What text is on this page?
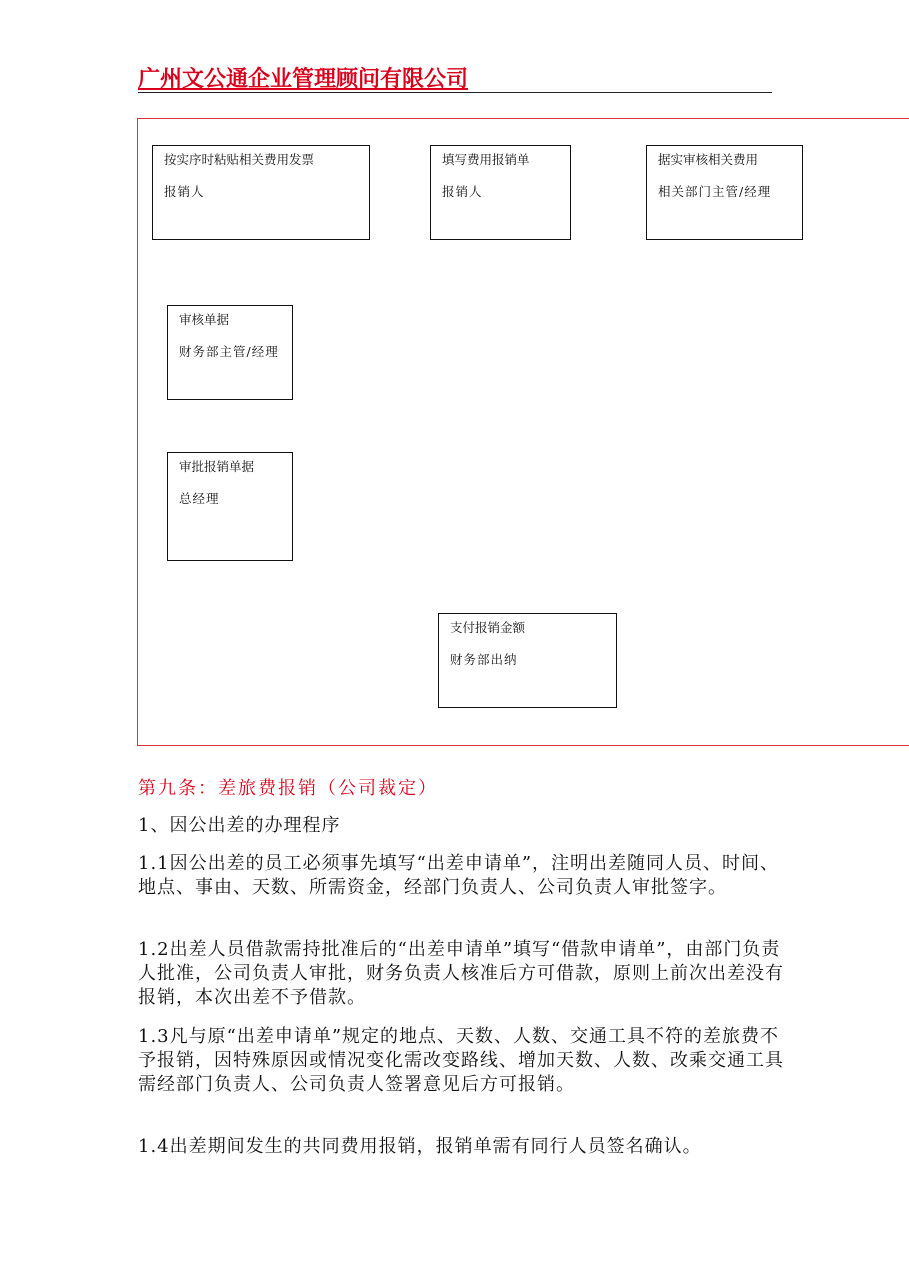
广州文公通企业管理顾问有限公司
按实序时粘贴相关费用发票
报销人
填写费用报销单
报销人
据实审核相关费用
相关部门主管/经理
审核单据
财务部主管/经理
审批报销单据
总经理
支付报销金额
财务部出纳
第九条：差旅费报销（公司裁定）
1、因公出差的办理程序
1.1因公出差的员工必须事先填写“出差申请单”，注明出差随同人员、时间、地点、事由、天数、所需资金，经部门负责人、公司负责人审批签字。
1.2出差人员借款需持批准后的“出差申请单”填写“借款申请单”，由部门负责人批准，公司负责人审批，财务负责人核准后方可借款，原则上前次出差没有报销，本次出差不予借款。
1.3凡与原“出差申请单”规定的地点、天数、人数、交通工具不符的差旅费不予报销，因特殊原因或情况变化需改变路线、增加天数、人数、改乘交通工具需经部门负责人、公司负责人签署意见后方可报销。
1.4出差期间发生的共同费用报销，报销单需有同行人员签名确认。
